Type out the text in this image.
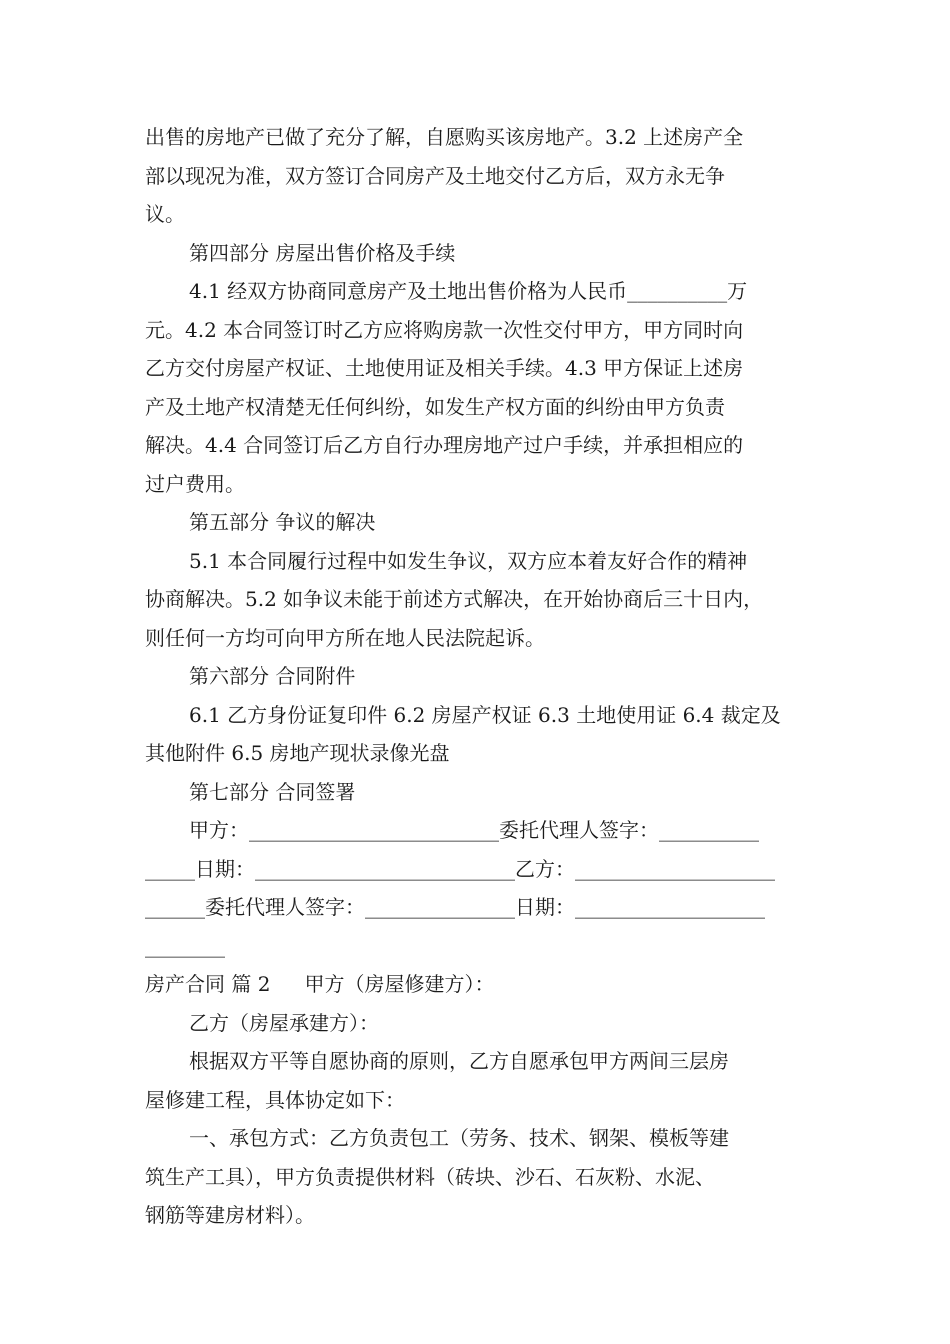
出售的房地产已做了充分了解，自愿购买该房地产。3.2 上述房产全
部以现况为准，双方签订合同房产及土地交付乙方后，双方永无争
议。
第四部分 房屋出售价格及手续
4.1 经双方协商同意房产及土地出售价格为人民币__________万
元。4.2 本合同签订时乙方应将购房款一次性交付甲方，甲方同时向
乙方交付房屋产权证、土地使用证及相关手续。4.3 甲方保证上述房
产及土地产权清楚无任何纠纷，如发生产权方面的纠纷由甲方负责
解决。4.4 合同签订后乙方自行办理房地产过户手续，并承担相应的
过户费用。
第五部分 争议的解决
5.1 本合同履行过程中如发生争议，双方应本着友好合作的精神
协商解决。5.2 如争议未能于前述方式解决，在开始协商后三十日内，
则任何一方均可向甲方所在地人民法院起诉。
第六部分 合同附件
6.1 乙方身份证复印件 6.2 房屋产权证 6.3 土地使用证 6.4 裁定及
其他附件 6.5 房地产现状录像光盘
第七部分 合同签署
甲方：_________________________委托代理人签字：__________
_____日期：__________________________乙方：____________________
______委托代理人签字：_______________日期：___________________
________
房产合同 篇 2 甲方（房屋修建方）：
乙方（房屋承建方）：
根据双方平等自愿协商的原则，乙方自愿承包甲方两间三层房
屋修建工程，具体协定如下：
一、承包方式：乙方负责包工（劳务、技术、钢架、模板等建
筑生产工具），甲方负责提供材料（砖块、沙石、石灰粉、水泥、
钢筋等建房材料）。
